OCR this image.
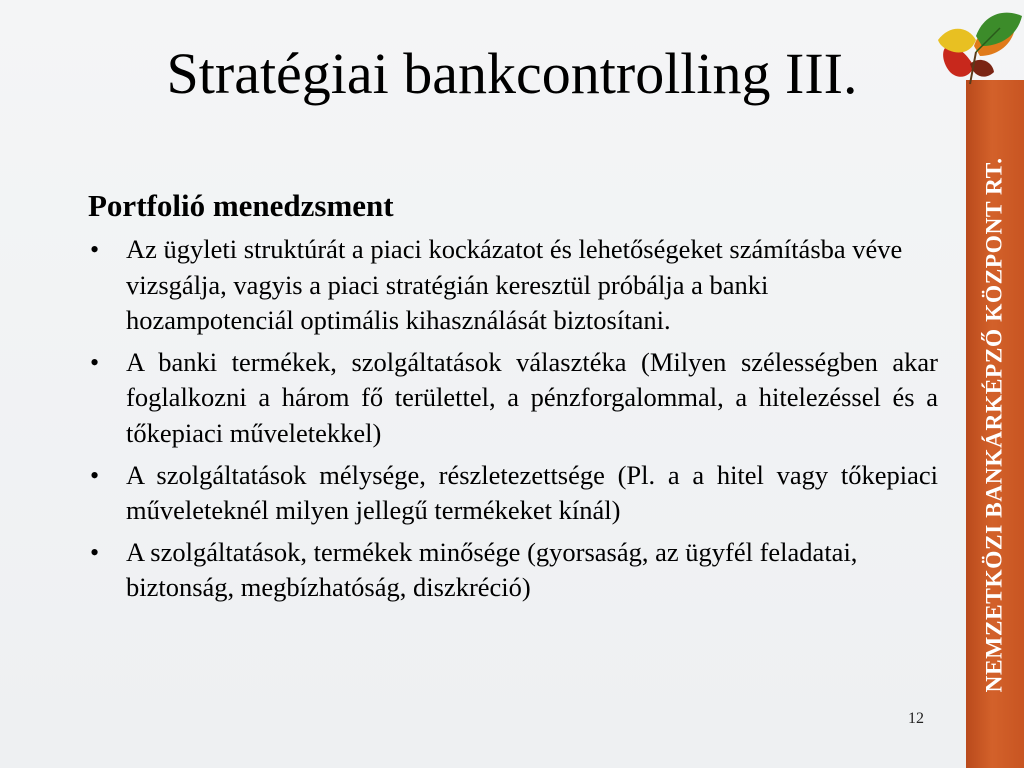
Stratégiai bankcontrolling III.
Portfolió menedzsment
• Az ügyleti struktúrát a piaci kockázatot és lehetőségeket számításba véve vizsgálja, vagyis a piaci stratégián keresztül próbálja a banki hozampotenciál optimális kihasználását biztosítani.
• A banki termékek, szolgáltatások választéka (Milyen szélességben akar foglalkozni a három fő területtel, a pénzforgalommal, a hitelezéssel és a tőkepiaci műveletekkel)
• A szolgáltatások mélysége, részletezettsége (Pl. a a hitel vagy tőkepiaci műveleteknél milyen jellegű termékeket kínál)
• A szolgáltatások, termékek minősége (gyorsaság, az ügyfél feladatai, biztonság, megbízhatóság, diszkréció)
12
NEMZETKÖZI BANKÁRKÉPZŐ KÖZPONT RT.
